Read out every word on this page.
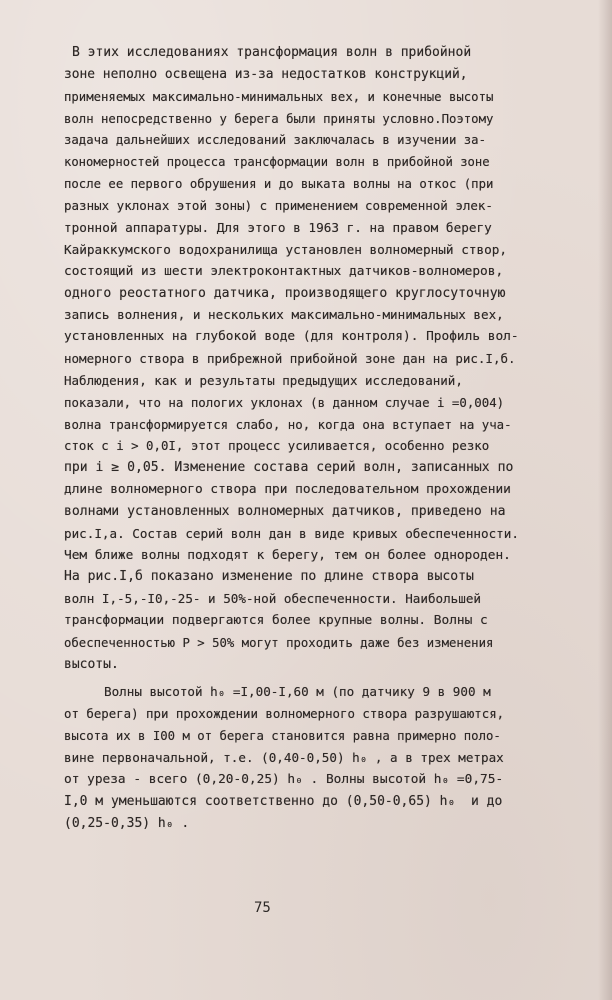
В этих исследованиях трансформация волн в прибойной
зоне неполно освещена из-за недостатков конструкций,
применяемых максимально-минимальных вех, и конечные высоты
волн непосредственно у берега были приняты условно.Поэтому
задача дальнейших исследований заключалась в изучении за-
кономерностей процесса трансформации волн в прибойной зоне
после ее первого обрушения и до выката волны на откос (при
разных уклонах этой зоны) с применением современной элек-
тронной аппаратуры. Для этого в 1963 г. на правом берегу
Кайраккумского водохранилища установлен волномерный створ,
состоящий из шести электроконтактных датчиков-волномеров,
одного реостатного датчика, производящего круглосуточную
запись волнения, и нескольких максимально-минимальных вех,
установленных на глубокой воде (для контроля). Профиль вол-
номерного створа в прибрежной прибойной зоне дан на рис.I,б.
Наблюдения, как и результаты предыдущих исследований,
показали, что на пологих уклонах (в данном случае i =0,004)
волна трансформируется слабо, но, когда она вступает на уча-
сток с i > 0,0I, этот процесс усиливается, особенно резко
при i ≥ 0,05. Изменение состава серий волн, записанных по
длине волномерного створа при последовательном прохождении
волнами установленных волномерных датчиков, приведено на
рис.I,а. Состав серий волн дан в виде кривых обеспеченности.
Чем ближе волны подходят к берегу, тем он более однороден.
На рис.I,б показано изменение по длине створа высоты
волн I,-5,-I0,-25- и 50%-ной обеспеченности. Наибольшей
трансформации подвергаются более крупные волны. Волны с
обеспеченностью P > 50% могут проходить даже без изменения
высоты.
Волны высотой h₀ =I,00-I,60 м (по датчику 9 в 900 м
от берега) при прохождении волномерного створа разрушаются,
высота их в I00 м от берега становится равна примерно поло-
вине первоначальной, т.е. (0,40-0,50) h₀ , а в трех метрах
от уреза - всего (0,20-0,25) h₀ . Волны высотой h₀ =0,75-
I,0 м уменьшаются соответственно до (0,50-0,65) h₀  и до
(0,25-0,35) h₀ .
75
